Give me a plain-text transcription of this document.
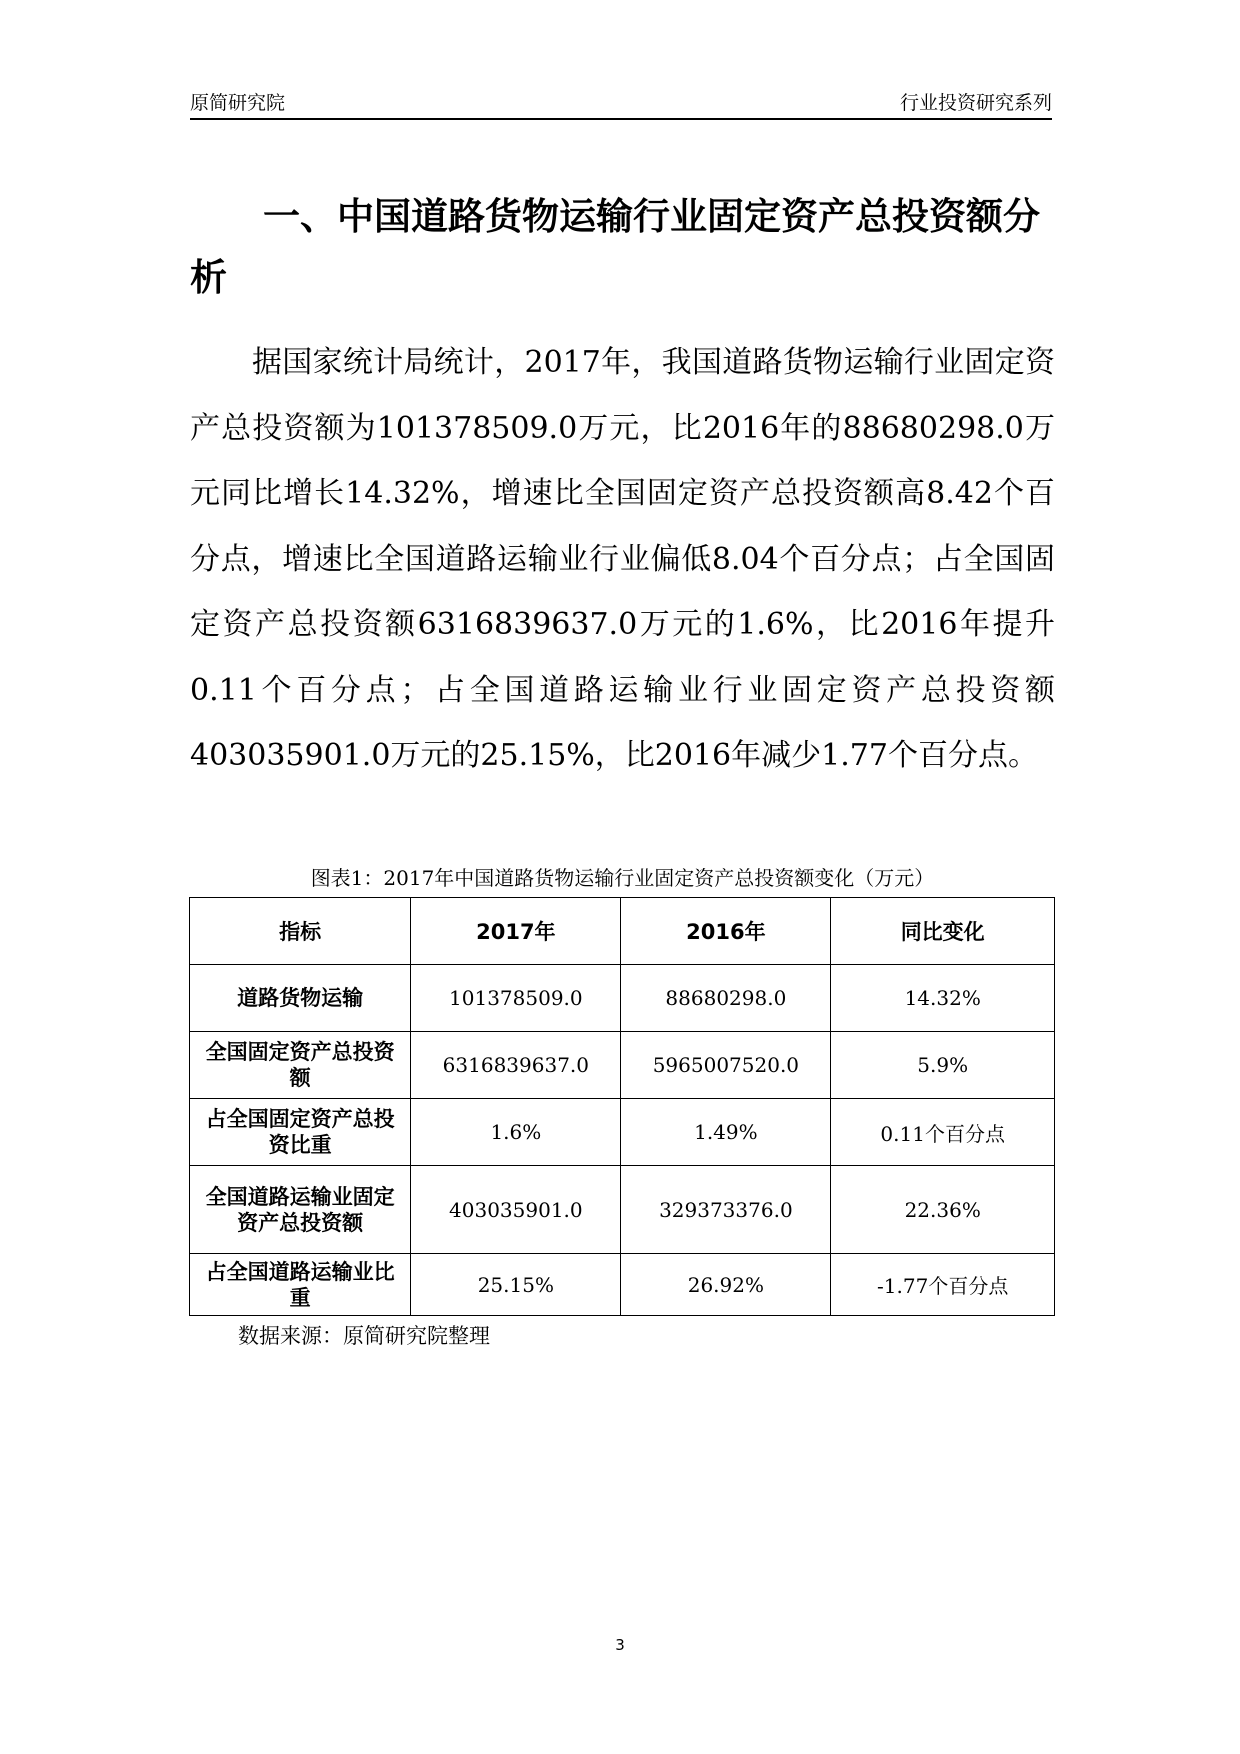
原简研究院	行业投资研究系列
一、中国道路货物运输行业固定资产总投资额分析

据国家统计局统计，2017年，我国道路货物运输行业固定资产总投资额为101378509.0万元，比2016年的88680298.0万元同比增长14.32%，增速比全国固定资产总投资额高8.42个百分点，增速比全国道路运输业行业偏低8.04个百分点；占全国固定资产总投资额6316839637.0万元的1.6%，比2016年提升0.11个百分点；占全国道路运输业行业固定资产总投资额403035901.0万元的25.15%，比2016年减少1.77个百分点。

图表1：2017年中国道路货物运输行业固定资产总投资额变化（万元）
指标	2017年	2016年	同比变化
道路货物运输	101378509.0	88680298.0	14.32%
全国固定资产总投资额	6316839637.0	5965007520.0	5.9%
占全国固定资产总投资比重	1.6%	1.49%	0.11个百分点
全国道路运输业固定资产总投资额	403035901.0	329373376.0	22.36%
占全国道路运输业比重	25.15%	26.92%	-1.77个百分点
数据来源：原简研究院整理
3
